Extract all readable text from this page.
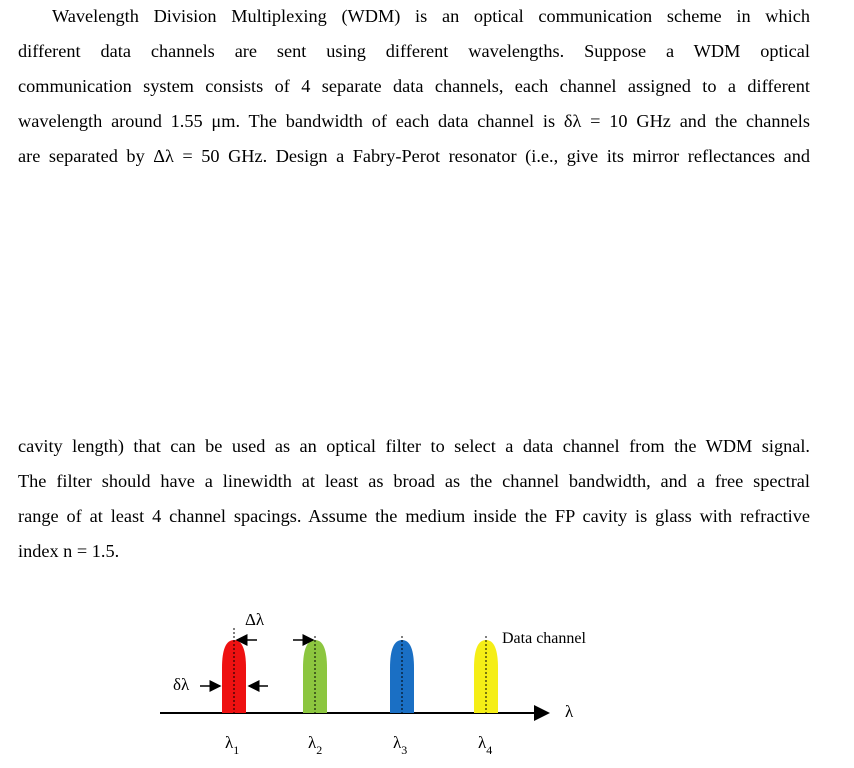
Wavelength Division Multiplexing (WDM) is an optical communication scheme in which
different data channels are sent using different wavelengths. Suppose a WDM optical
communication system consists of 4 separate data channels, each channel assigned to a different
wavelength around 1.55 μm. The bandwidth of each data channel is δλ = 10 GHz and the channels
are separated by Δλ = 50 GHz. Design a Fabry-Perot resonator (i.e., give its mirror reflectances and
cavity length) that can be used as an optical filter to select a data channel from the WDM signal.
The filter should have a linewidth at least as broad as the channel bandwidth, and a free spectral
range of at least 4 channel spacings. Assume the medium inside the FP cavity is glass with refractive
index n = 1.5.
Δλ
δλ
Data channel
λ
$\lambda_1$	$\lambda_2$	$\lambda_3$	$\lambda_4$
